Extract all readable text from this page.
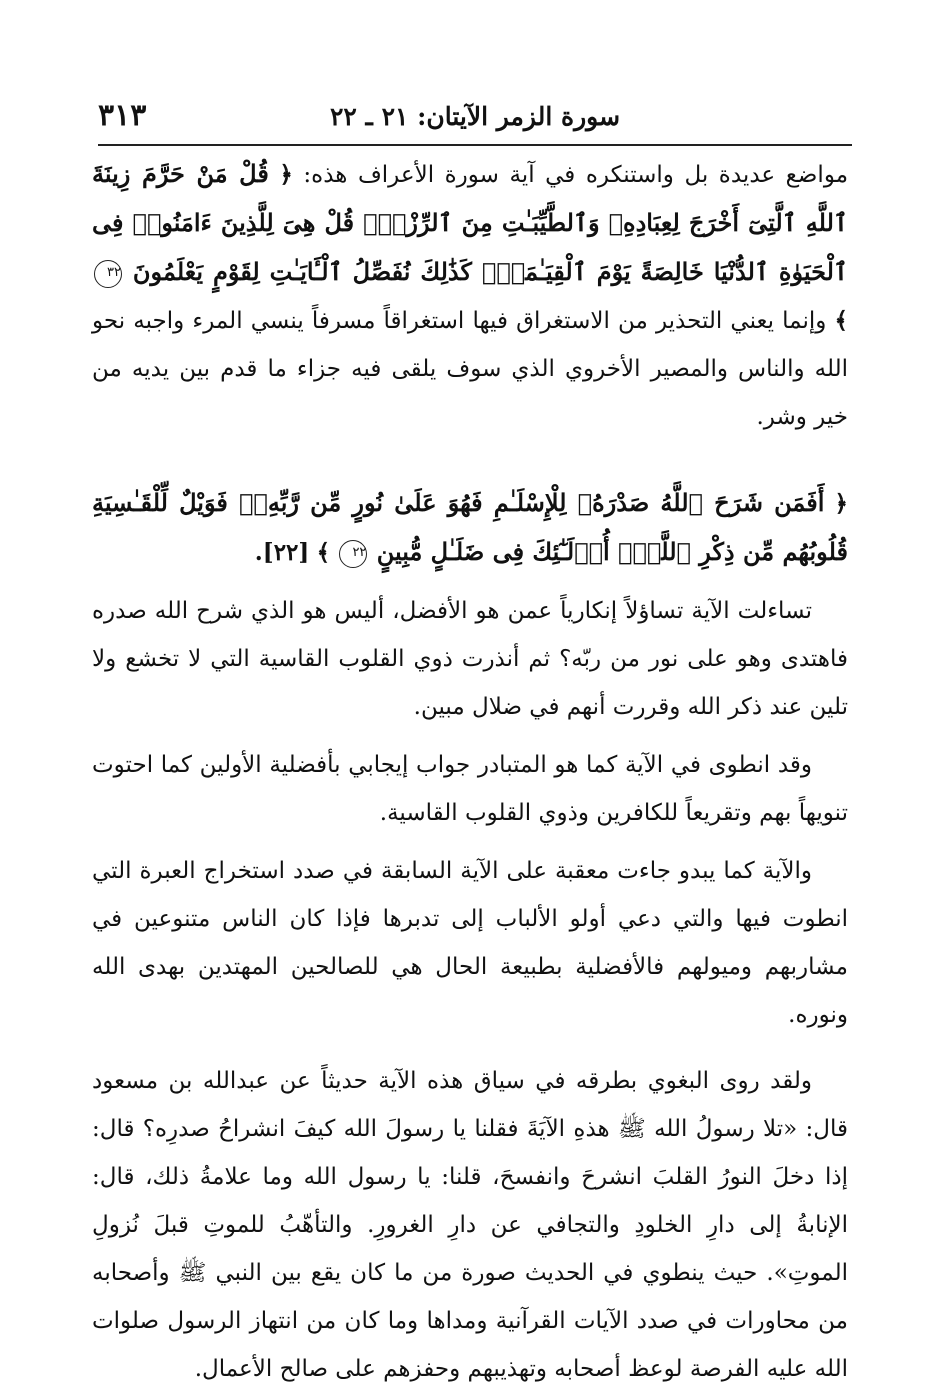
٣١٣	سورة الزمر الآيتان: ٢١ ـ ٢٢

مواضع عديدة بل واستنكره في آية سورة الأعراف هذه: ﴿ قُلْ مَنْ حَرَّمَ زِينَةَ ٱللَّهِ ٱلَّتِىٓ أَخْرَجَ لِعِبَادِهِۦ وَٱلطَّيِّبَـٰتِ مِنَ ٱلرِّزْقِۚ قُلْ هِىَ لِلَّذِينَ ءَامَنُوا۟ فِى ٱلْحَيَوٰةِ ٱلدُّنْيَا خَالِصَةً يَوْمَ ٱلْقِيَـٰمَةِۗ كَذَٰلِكَ نُفَصِّلُ ٱلْـَٔايَـٰتِ لِقَوْمٍ يَعْلَمُونَ ٣٢ ﴾ وإنما يعني التحذير من الاستغراق فيها استغراقاً مسرفاً ينسي المرء واجبه نحو الله والناس والمصير الأخروي الذي سوف يلقى فيه جزاء ما قدم بين يديه من خير وشر.

﴿ أَفَمَن شَرَحَ ٱللَّهُ صَدْرَهُۥ لِلْإِسْلَـٰمِ فَهُوَ عَلَىٰ نُورٍ مِّن رَّبِّهِۦۚ فَوَيْلٌ لِّلْقَـٰسِيَةِ قُلُوبُهُم مِّن ذِكْرِ ٱللَّهِۚ أُو۟لَـٰٓئِكَ فِى ضَلَـٰلٍ مُّبِينٍ ٢٢ ﴾ [٢٢].

تساءلت الآية تساؤلاً إنكارياً عمن هو الأفضل، أليس هو الذي شرح الله صدره فاهتدى وهو على نور من ربّه؟ ثم أنذرت ذوي القلوب القاسية التي لا تخشع ولا تلين عند ذكر الله وقررت أنهم في ضلال مبين.

وقد انطوى في الآية كما هو المتبادر جواب إيجابي بأفضلية الأولين كما احتوت تنويهاً بهم وتقريعاً للكافرين وذوي القلوب القاسية.

والآية كما يبدو جاءت معقبة على الآية السابقة في صدد استخراج العبرة التي انطوت فيها والتي دعي أولو الألباب إلى تدبرها فإذا كان الناس متنوعين في مشاربهم وميولهم فالأفضلية بطبيعة الحال هي للصالحين المهتدين بهدى الله ونوره.

ولقد روى البغوي بطرقه في سياق هذه الآية حديثاً عن عبدالله بن مسعود قال: «تلا رسولُ الله ﷺ هذهِ الآيَةَ فقلنا يا رسولَ الله كيفَ انشراحُ صدرِه؟ قال: إذا دخلَ النورُ القلبَ انشرحَ وانفسحَ، قلنا: يا رسول الله وما علامةُ ذلك، قال: الإنابةُ إلى دارِ الخلودِ والتجافي عن دارِ الغرورِ. والتأهّبُ للموتِ قبلَ نُزولِ الموتِ». حيث ينطوي في الحديث صورة من ما كان يقع بين النبي ﷺ وأصحابه من محاورات في صدد الآيات القرآنية ومداها وما كان من انتهاز الرسول صلوات الله عليه الفرصة لوعظ أصحابه وتهذيبهم وحفزهم على صالح الأعمال.
